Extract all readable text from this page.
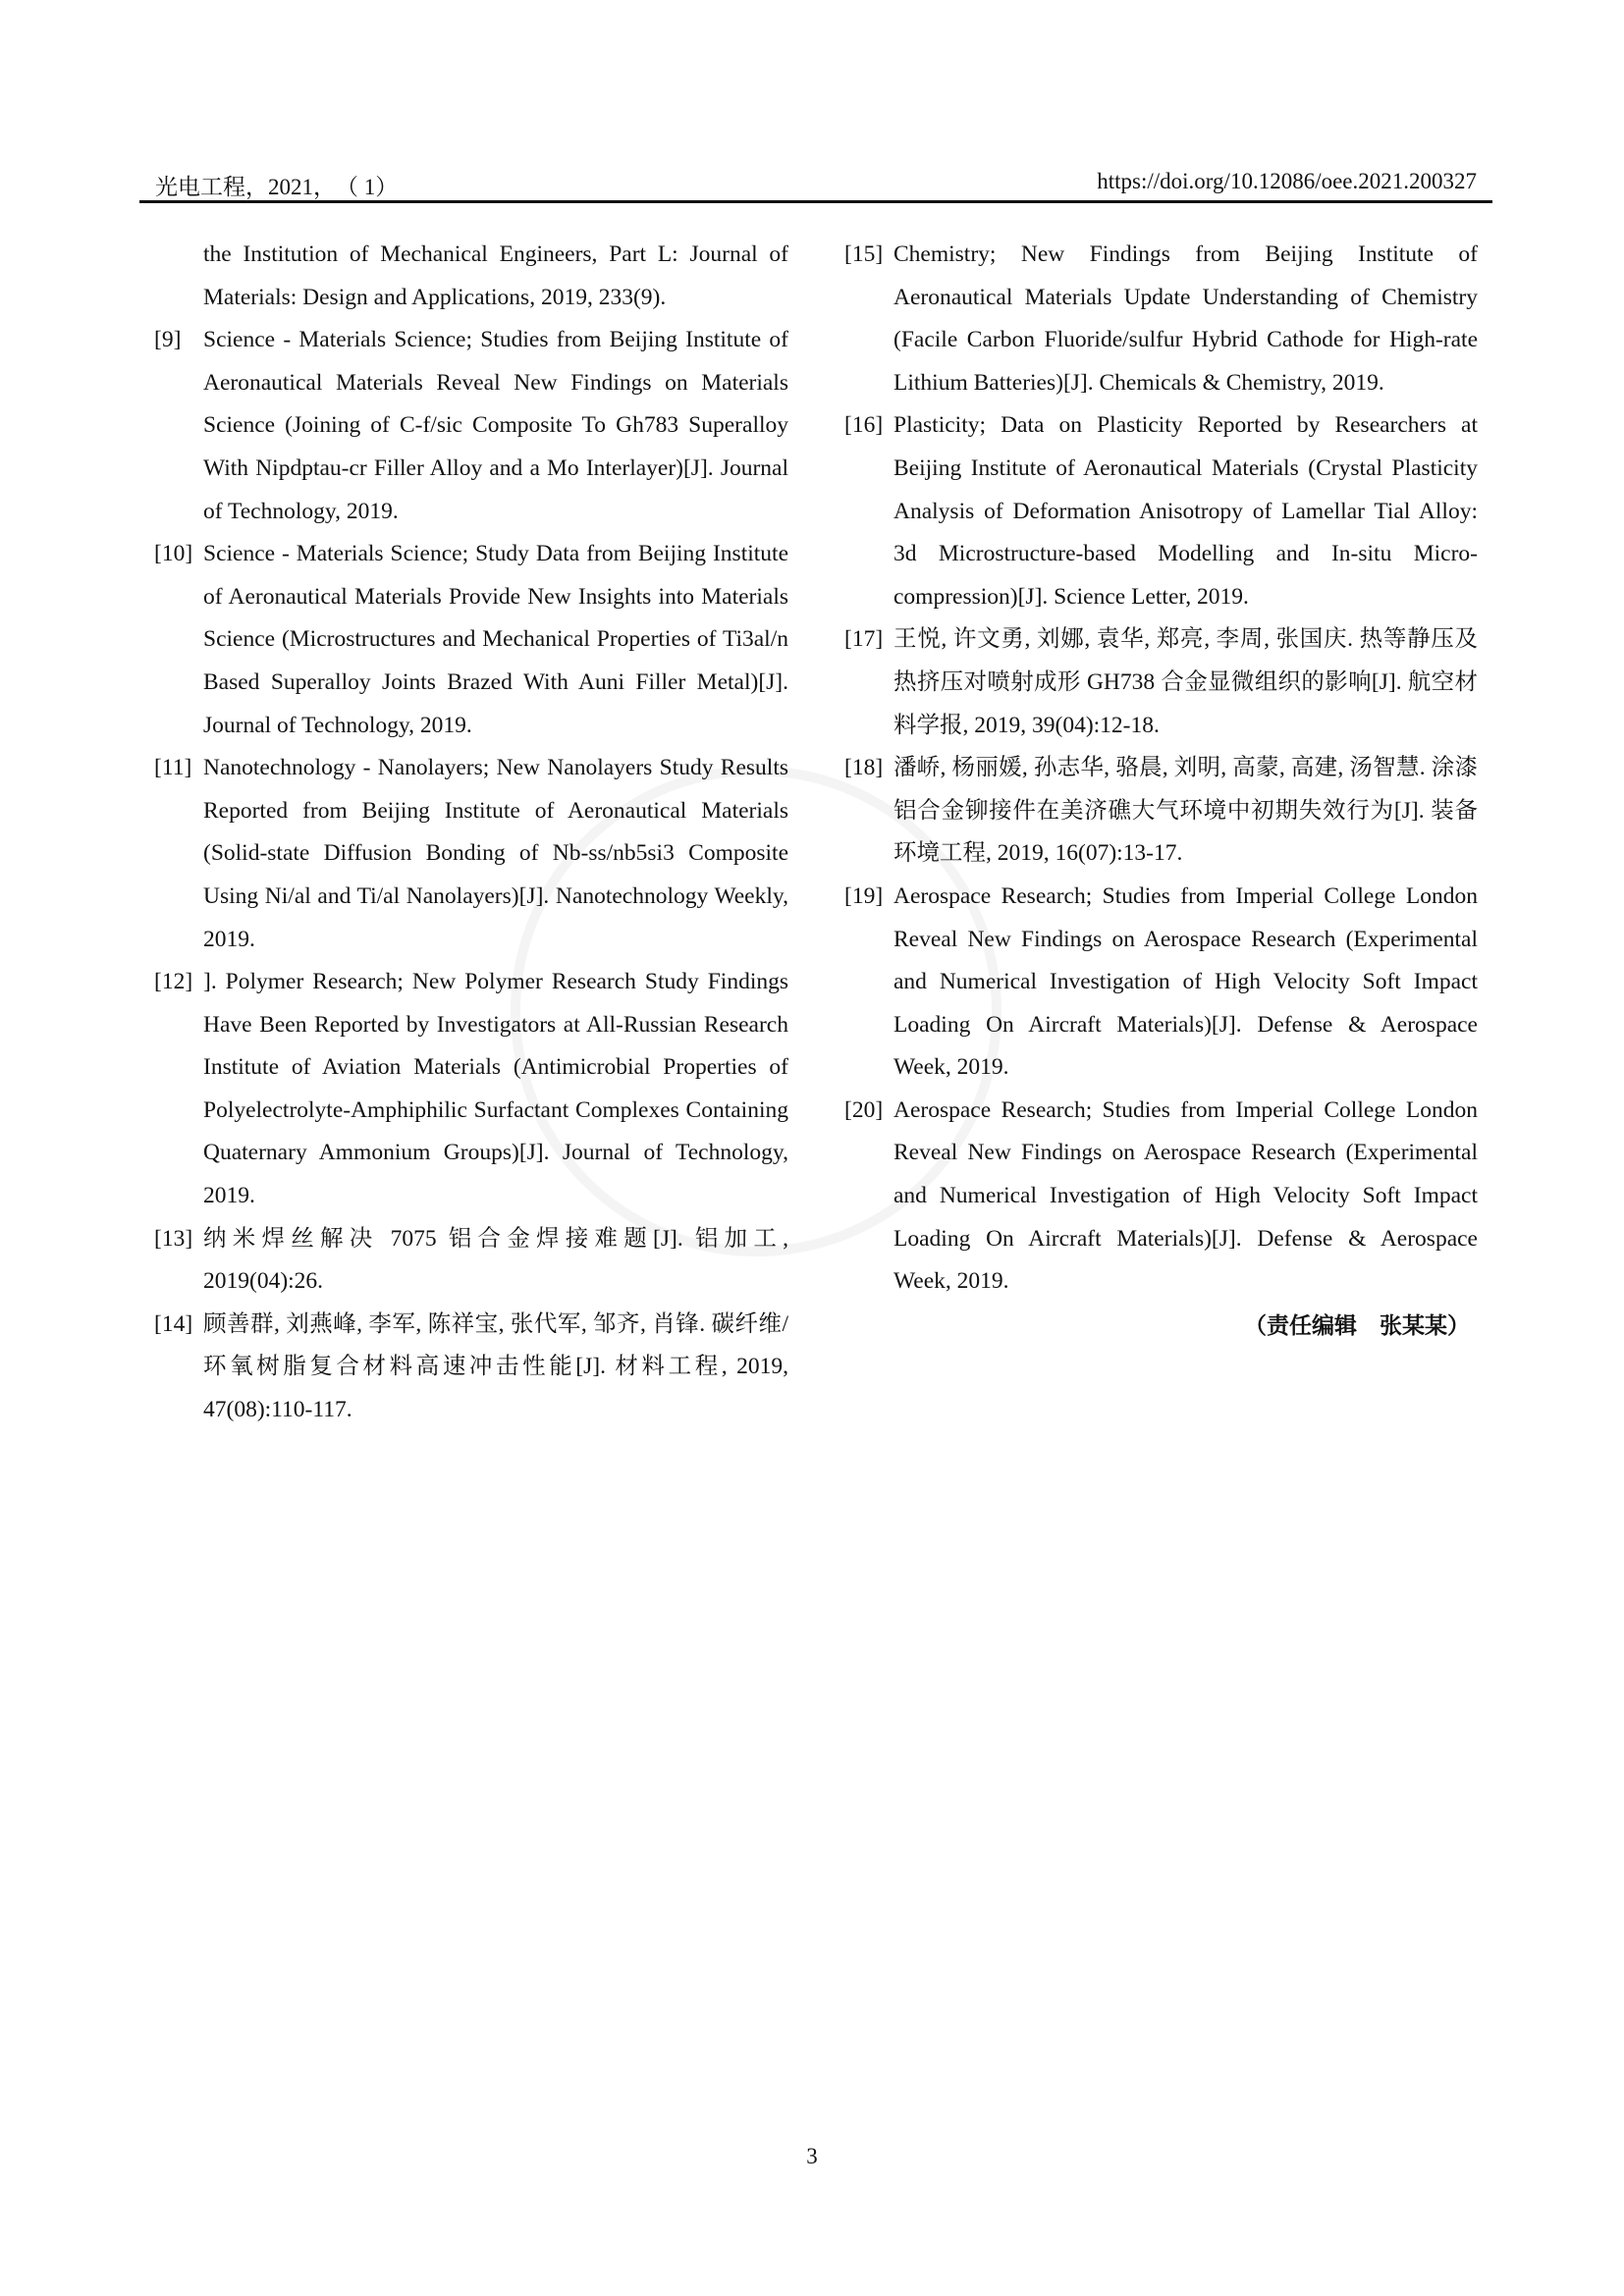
光电工程，2021，　（ 1）	https://doi.org/10.12086/oee.2021.200327
the Institution of Mechanical Engineers, Part L: Journal of Materials: Design and Applications, 2019, 233(9).
[9] Science - Materials Science; Studies from Beijing Institute of Aeronautical Materials Reveal New Findings on Materials Science (Joining of C-f/sic Composite To Gh783 Superalloy With Nipdptau-cr Filler Alloy and a Mo Interlayer)[J]. Journal of Technology, 2019.
[10] Science - Materials Science; Study Data from Beijing Institute of Aeronautical Materials Provide New Insights into Materials Science (Microstructures and Mechanical Properties of Ti3al/n Based Superalloy Joints Brazed With Auni Filler Metal)[J]. Journal of Technology, 2019.
[11] Nanotechnology - Nanolayers; New Nanolayers Study Results Reported from Beijing Institute of Aeronautical Materials (Solid-state Diffusion Bonding of Nb-ss/nb5si3 Composite Using Ni/al and Ti/al Nanolayers)[J]. Nanotechnology Weekly, 2019.
[12] ]. Polymer Research; New Polymer Research Study Findings Have Been Reported by Investigators at All-Russian Research Institute of Aviation Materials (Antimicrobial Properties of Polyelectrolyte-Amphiphilic Surfactant Complexes Containing Quaternary Ammonium Groups)[J]. Journal of Technology, 2019.
[13] 纳米焊丝解决 7075 铝合金焊接难题[J]. 铝加工, 2019(04):26.
[14] 顾善群, 刘燕峰, 李军, 陈祥宝, 张代军, 邹齐, 肖锋. 碳纤维/环氧树脂复合材料高速冲击性能[J]. 材料工程, 2019, 47(08):110-117.
[15] Chemistry; New Findings from Beijing Institute of Aeronautical Materials Update Understanding of Chemistry (Facile Carbon Fluoride/sulfur Hybrid Cathode for High-rate Lithium Batteries)[J]. Chemicals & Chemistry, 2019.
[16] Plasticity; Data on Plasticity Reported by Researchers at Beijing Institute of Aeronautical Materials (Crystal Plasticity Analysis of Deformation Anisotropy of Lamellar Tial Alloy: 3d Microstructure-based Modelling and In-situ Micro-compression)[J]. Science Letter, 2019.
[17] 王悦, 许文勇, 刘娜, 袁华, 郑亮, 李周, 张国庆. 热等静压及热挤压对喷射成形 GH738 合金显微组织的影响[J]. 航空材料学报, 2019, 39(04):12-18.
[18] 潘峤, 杨丽媛, 孙志华, 骆晨, 刘明, 高蒙, 高建, 汤智慧. 涂漆铝合金铆接件在美济礁大气环境中初期失效行为[J]. 装备环境工程, 2019, 16(07):13-17.
[19] Aerospace Research; Studies from Imperial College London Reveal New Findings on Aerospace Research (Experimental and Numerical Investigation of High Velocity Soft Impact Loading On Aircraft Materials)[J]. Defense & Aerospace Week, 2019.
[20] Aerospace Research; Studies from Imperial College London Reveal New Findings on Aerospace Research (Experimental and Numerical Investigation of High Velocity Soft Impact Loading On Aircraft Materials)[J]. Defense & Aerospace Week, 2019.
（责任编辑　张某某）
3
